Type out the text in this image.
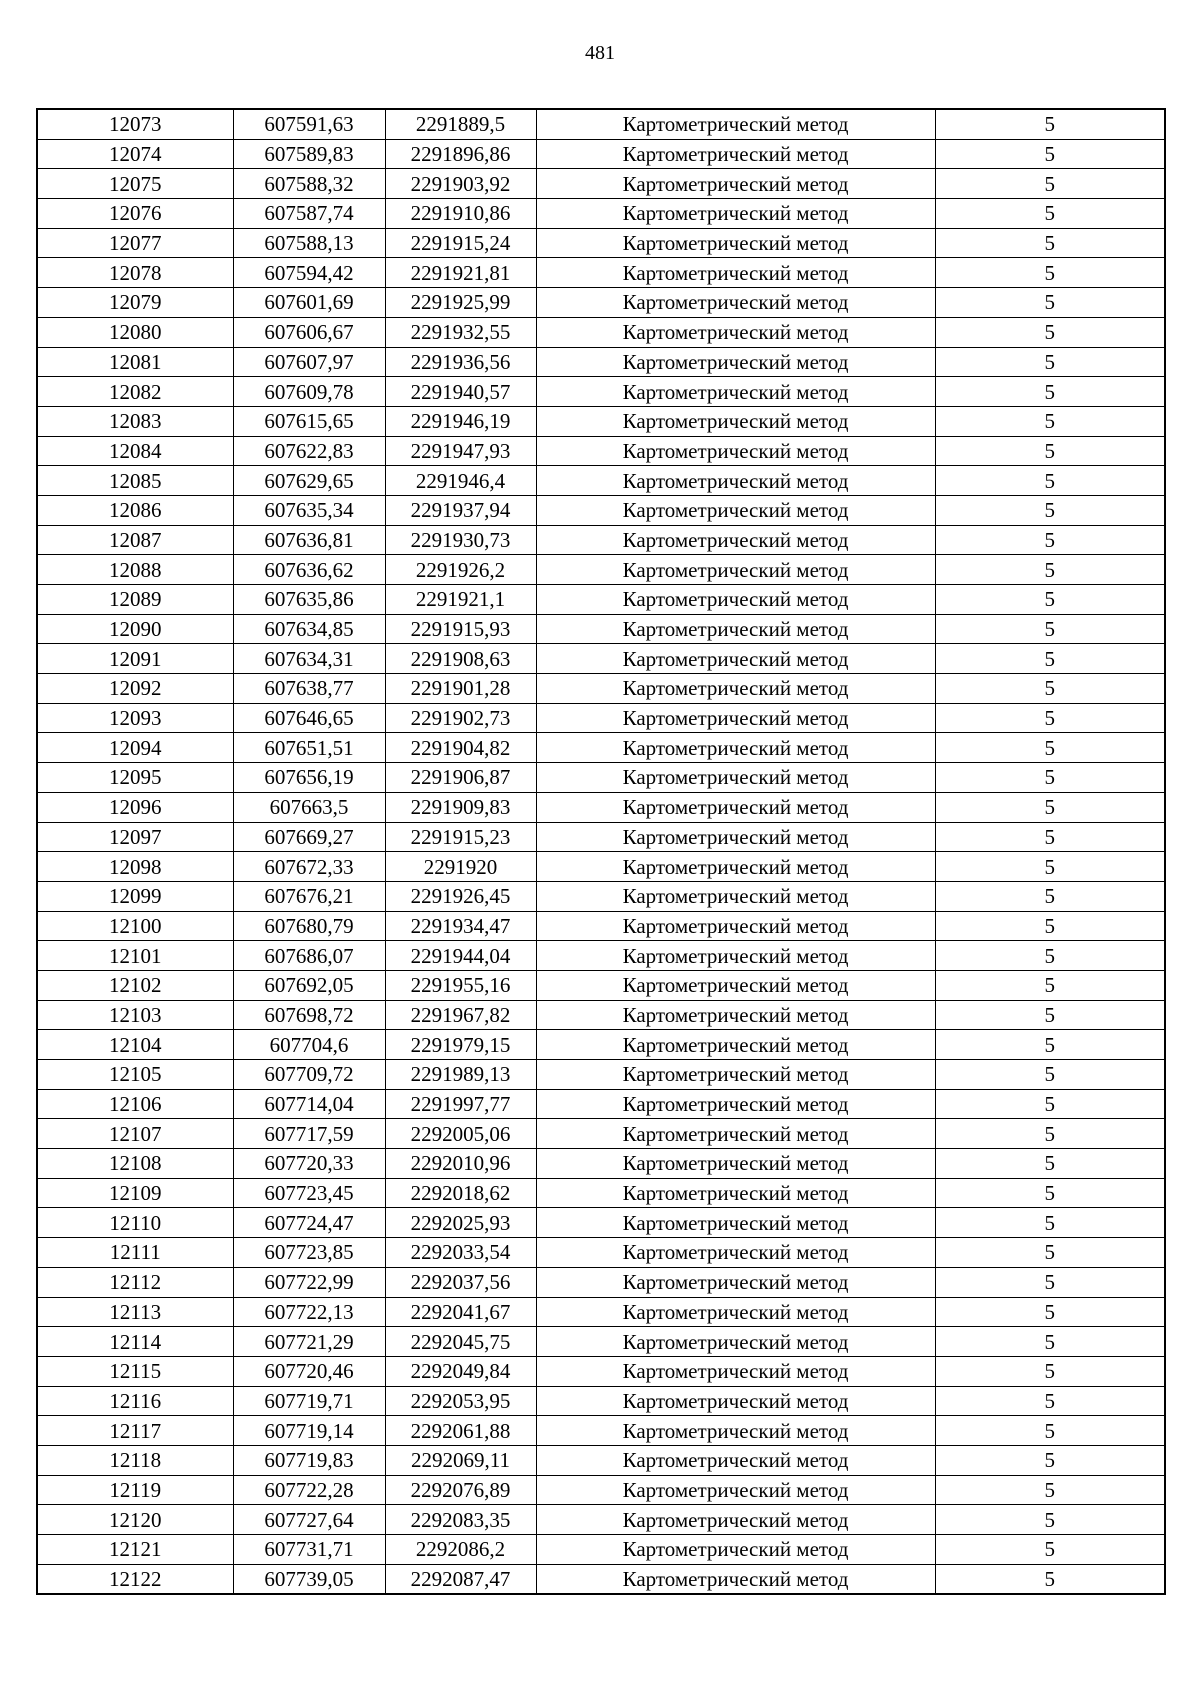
481
12073	607591,63	2291889,5	Картометрический метод	5
12074	607589,83	2291896,86	Картометрический метод	5
12075	607588,32	2291903,92	Картометрический метод	5
12076	607587,74	2291910,86	Картометрический метод	5
12077	607588,13	2291915,24	Картометрический метод	5
12078	607594,42	2291921,81	Картометрический метод	5
12079	607601,69	2291925,99	Картометрический метод	5
12080	607606,67	2291932,55	Картометрический метод	5
12081	607607,97	2291936,56	Картометрический метод	5
12082	607609,78	2291940,57	Картометрический метод	5
12083	607615,65	2291946,19	Картометрический метод	5
12084	607622,83	2291947,93	Картометрический метод	5
12085	607629,65	2291946,4	Картометрический метод	5
12086	607635,34	2291937,94	Картометрический метод	5
12087	607636,81	2291930,73	Картометрический метод	5
12088	607636,62	2291926,2	Картометрический метод	5
12089	607635,86	2291921,1	Картометрический метод	5
12090	607634,85	2291915,93	Картометрический метод	5
12091	607634,31	2291908,63	Картометрический метод	5
12092	607638,77	2291901,28	Картометрический метод	5
12093	607646,65	2291902,73	Картометрический метод	5
12094	607651,51	2291904,82	Картометрический метод	5
12095	607656,19	2291906,87	Картометрический метод	5
12096	607663,5	2291909,83	Картометрический метод	5
12097	607669,27	2291915,23	Картометрический метод	5
12098	607672,33	2291920	Картометрический метод	5
12099	607676,21	2291926,45	Картометрический метод	5
12100	607680,79	2291934,47	Картометрический метод	5
12101	607686,07	2291944,04	Картометрический метод	5
12102	607692,05	2291955,16	Картометрический метод	5
12103	607698,72	2291967,82	Картометрический метод	5
12104	607704,6	2291979,15	Картометрический метод	5
12105	607709,72	2291989,13	Картометрический метод	5
12106	607714,04	2291997,77	Картометрический метод	5
12107	607717,59	2292005,06	Картометрический метод	5
12108	607720,33	2292010,96	Картометрический метод	5
12109	607723,45	2292018,62	Картометрический метод	5
12110	607724,47	2292025,93	Картометрический метод	5
12111	607723,85	2292033,54	Картометрический метод	5
12112	607722,99	2292037,56	Картометрический метод	5
12113	607722,13	2292041,67	Картометрический метод	5
12114	607721,29	2292045,75	Картометрический метод	5
12115	607720,46	2292049,84	Картометрический метод	5
12116	607719,71	2292053,95	Картометрический метод	5
12117	607719,14	2292061,88	Картометрический метод	5
12118	607719,83	2292069,11	Картометрический метод	5
12119	607722,28	2292076,89	Картометрический метод	5
12120	607727,64	2292083,35	Картометрический метод	5
12121	607731,71	2292086,2	Картометрический метод	5
12122	607739,05	2292087,47	Картометрический метод	5
